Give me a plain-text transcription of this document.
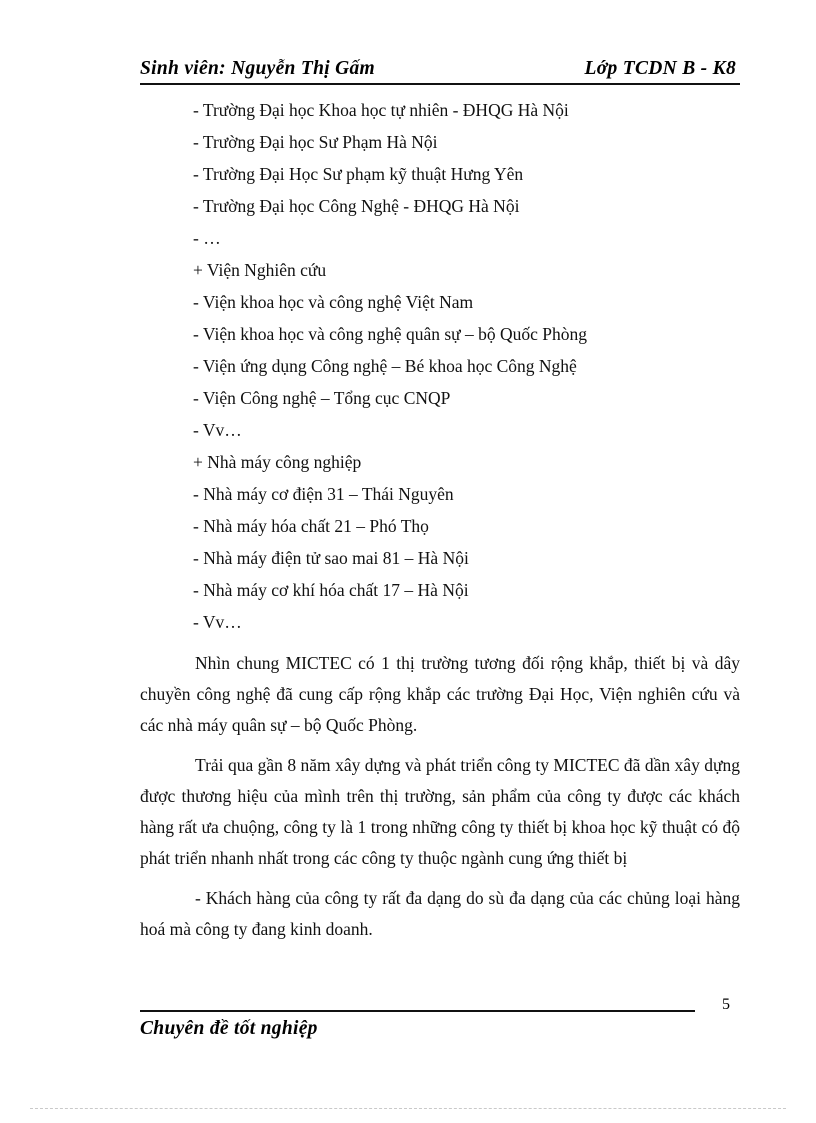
Sinh viên: Nguyễn Thị Gấm	Lớp TCDN B - K8
- Trường Đại học Khoa học tự nhiên - ĐHQG Hà Nội
- Trường Đại học Sư Phạm Hà Nội
- Trường Đại Học Sư phạm kỹ thuật Hưng Yên
- Trường Đại học Công Nghệ - ĐHQG Hà Nội
- …
+ Viện Nghiên cứu
- Viện khoa học và công nghệ Việt Nam
- Viện khoa học và công nghệ quân sự – bộ Quốc Phòng
- Viện ứng dụng Công nghệ – Bé khoa học Công Nghệ
- Viện Công nghệ – Tổng cục CNQP
- Vv…
+ Nhà máy công nghiệp
- Nhà máy cơ điện 31 – Thái Nguyên
- Nhà máy hóa chất 21 – Phó Thọ
- Nhà máy điện tử sao mai 81 – Hà Nội
- Nhà máy cơ khí hóa chất 17 – Hà Nội
- Vv…

Nhìn chung MICTEC có 1 thị trường tương đối rộng khắp, thiết bị và dây chuyền công nghệ đã cung cấp rộng khắp các trường Đại Học, Viện nghiên cứu và các nhà máy quân sự – bộ Quốc Phòng.

Trải qua gần 8 năm xây dựng và phát triển công ty MICTEC đã dần xây dựng được thương hiệu của mình trên thị trường, sản phẩm của công ty được các khách hàng rất ưa chuộng, công ty là 1 trong những công ty thiết bị khoa học kỹ thuật có độ phát triển nhanh nhất trong các công ty thuộc ngành cung ứng thiết bị

- Khách hàng của công ty rất đa dạng do sù đa dạng của các chủng loại hàng hoá mà công ty đang kinh doanh.

Chuyên đề tốt nghiệp
5
